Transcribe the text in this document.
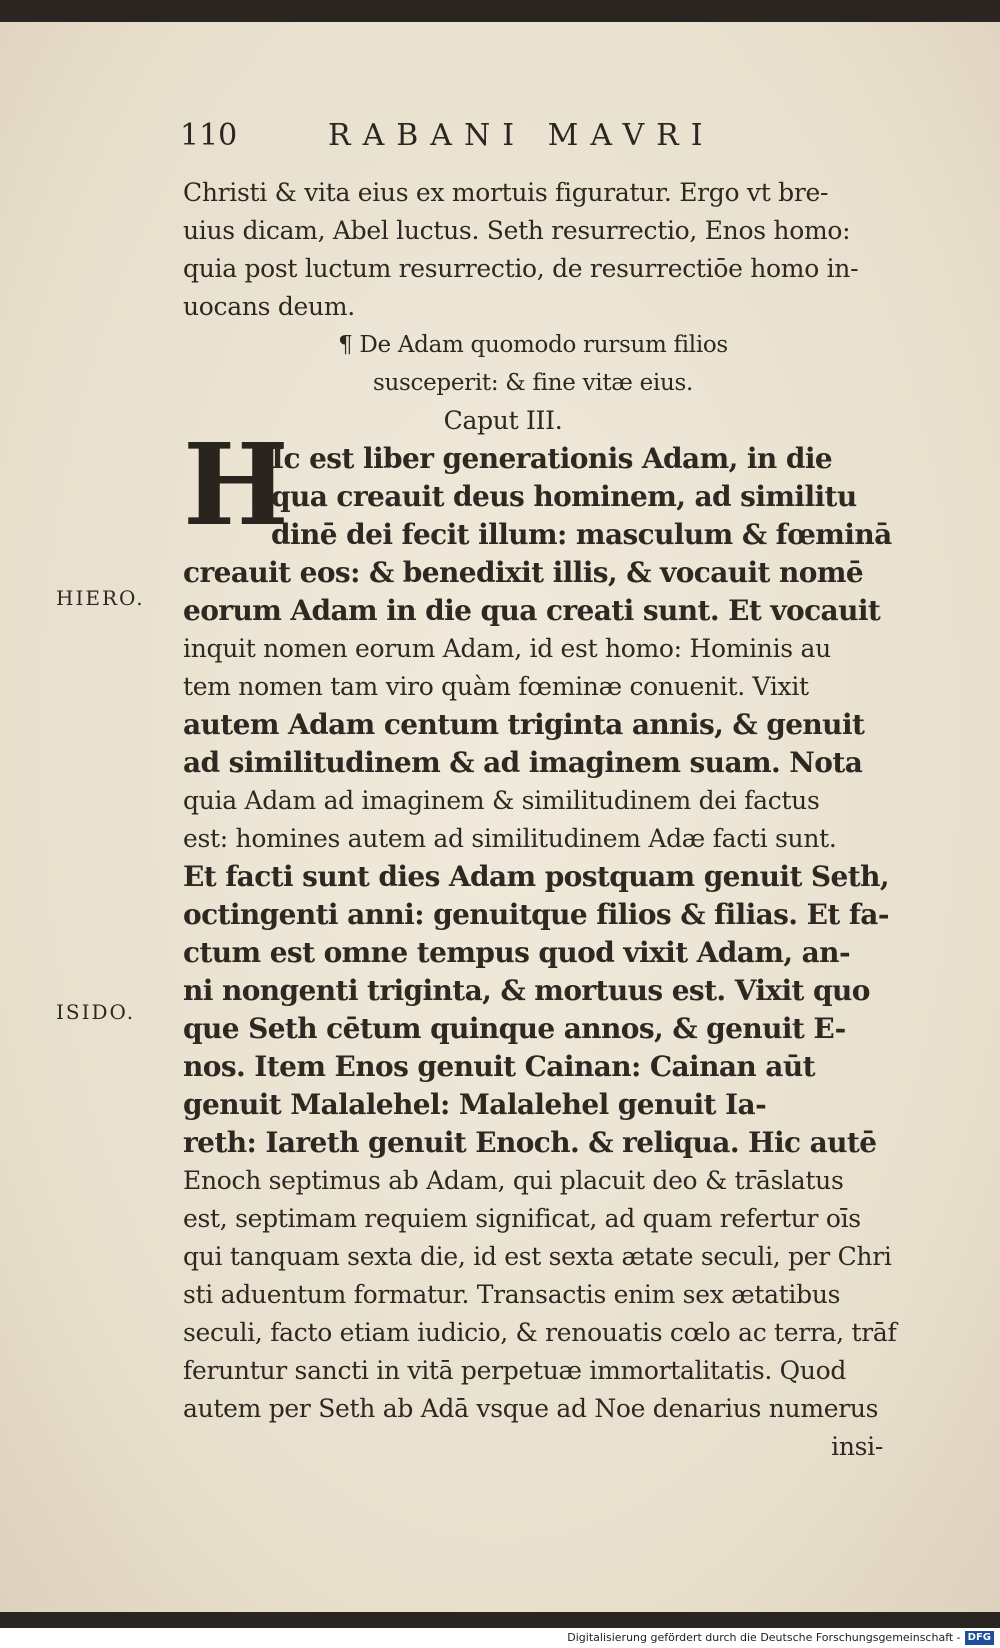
110	RABANI MAVRI
H
HIERO.
ISIDO.
Christi & vita eius ex mortuis figuratur. Ergo vt bre-
uius dicam, Abel luctus. Seth resurrectio, Enos homo:
quia post luctum resurrectio, de resurrectiōe homo in-
uocans deum.
¶ De Adam quomodo rursum filios susceperit: & fine vitæ eius.
Caput III.
Ic est liber generationis Adam, in die
qua creauit deus hominem, ad similitu
dinē dei fecit illum: masculum & fœminā
creauit eos: & benedixit illis, & vocauit nomē
eorum Adam in die qua creati sunt. Et vocauit
inquit nomen eorum Adam, id est homo: Hominis au
tem nomen tam viro quàm fœminæ conuenit. Vixit
autem Adam centum triginta annis, & genuit
ad similitudinem & ad imaginem suam. Nota
quia Adam ad imaginem & similitudinem dei factus
est: homines autem ad similitudinem Adæ facti sunt.
Et facti sunt dies Adam postquam genuit Seth,
octingenti anni: genuitque filios & filias. Et fa-
ctum est omne tempus quod vixit Adam, an-
ni nongenti triginta, & mortuus est. Vixit quo
que Seth cētum quinque annos, & genuit E-
nos. Item Enos genuit Cainan: Cainan aūt
genuit Malalehel: Malalehel genuit Ia-
reth: Iareth genuit Enoch. & reliqua. Hic autē
Enoch septimus ab Adam, qui placuit deo & trāslatus
est, septimam requiem significat, ad quam refertur oīs
qui tanquam sexta die, id est sexta ætate seculi, per Chri
sti aduentum formatur. Transactis enim sex ætatibus
seculi, facto etiam iudicio, & renouatis cœlo ac terra, trāf
feruntur sancti in vitā perpetuæ immortalitatis. Quod
autem per Seth ab Adā vsque ad Noe denarius numerus
insi-
Digitalisierung gefördert durch die Deutsche Forschungsgemeinschaft - DFG
